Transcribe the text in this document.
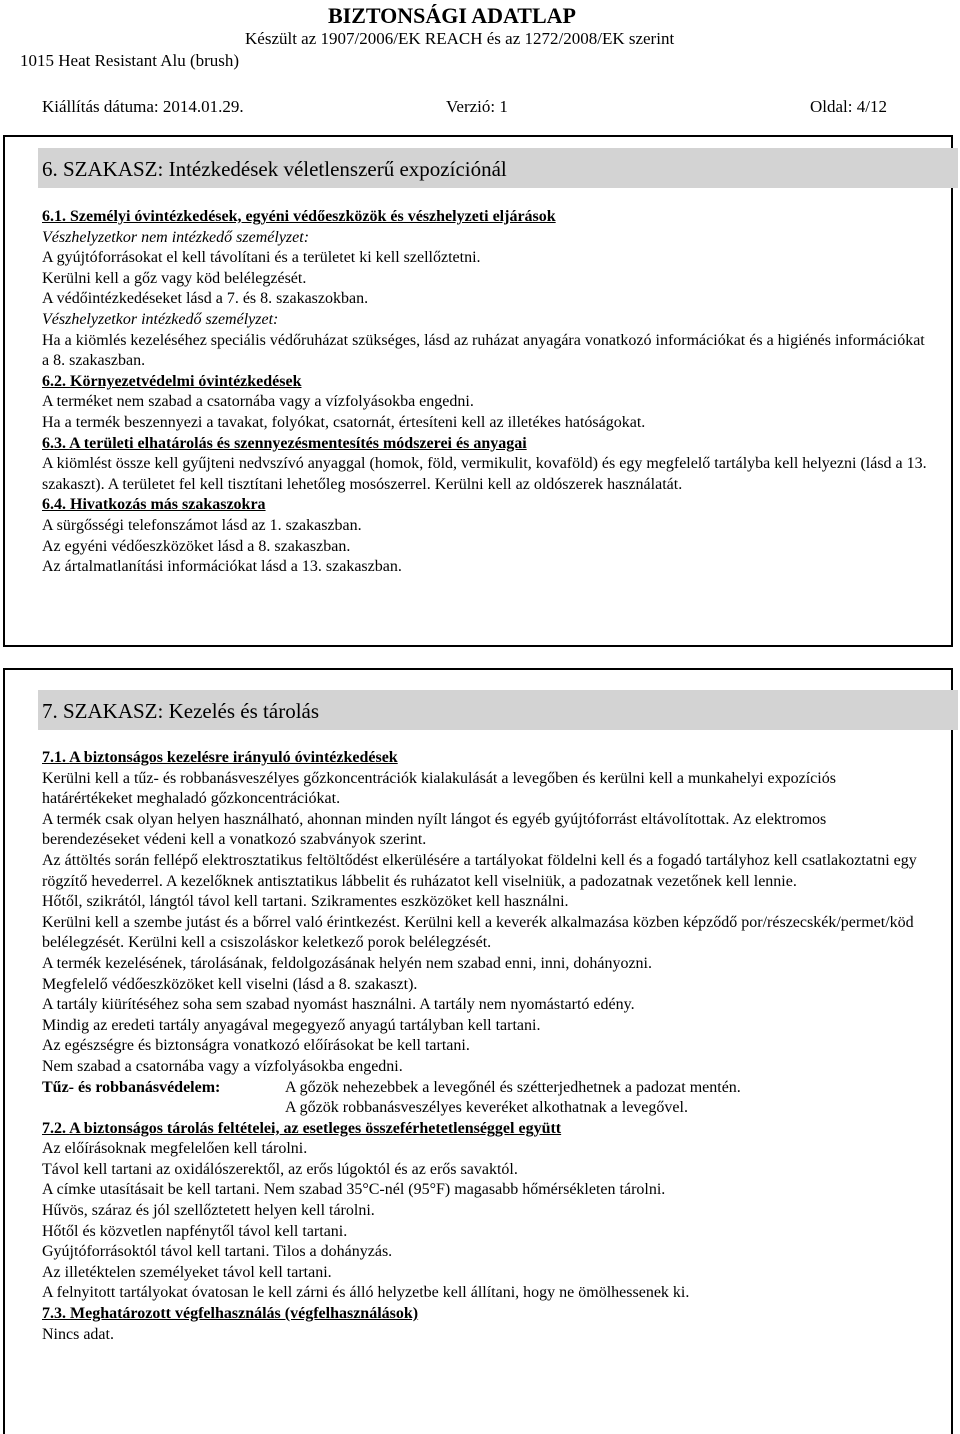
BIZTONSÁGI ADATLAP
Készült az 1907/2006/EK REACH és az 1272/2008/EK szerint
1015 Heat Resistant Alu (brush)
Kiállítás dátuma: 2014.01.29.	Verzió: 1	Oldal: 4/12
6. SZAKASZ: Intézkedések véletlenszerű expozíciónál
6.1. Személyi óvintézkedések, egyéni védőeszközök és vészhelyzeti eljárások
Vészhelyzetkor nem intézkedő személyzet:
A gyújtóforrásokat el kell távolítani és a területet ki kell szellőztetni.
Kerülni kell a gőz vagy köd belélegzését.
A védőintézkedéseket lásd a 7. és 8. szakaszokban.
Vészhelyzetkor intézkedő személyzet:
Ha a kiömlés kezeléséhez speciális védőruházat szükséges, lásd az ruházat anyagára vonatkozó információkat és a higiénés információkat a 8. szakaszban.
6.2. Környezetvédelmi óvintézkedések
A terméket nem szabad a csatornába vagy a vízfolyásokba engedni.
Ha a termék beszennyezi a tavakat, folyókat, csatornát, értesíteni kell az illetékes hatóságokat.
6.3. A területi elhatárolás és szennyezésmentesítés módszerei és anyagai
A kiömlést össze kell gyűjteni nedvszívó anyaggal (homok, föld, vermikulit, kovaföld) és egy megfelelő tartályba kell helyezni (lásd a 13. szakaszt). A területet fel kell tisztítani lehetőleg mosószerrel. Kerülni kell az oldószerek használatát.
6.4. Hivatkozás más szakaszokra
A sürgősségi telefonszámot lásd az 1. szakaszban.
Az egyéni védőeszközöket lásd a 8. szakaszban.
Az ártalmatlanítási információkat lásd a 13. szakaszban.
7. SZAKASZ: Kezelés és tárolás
7.1. A biztonságos kezelésre irányuló óvintézkedések
Kerülni kell a tűz- és robbanásveszélyes gőzkoncentrációk kialakulását a levegőben és kerülni kell a munkahelyi expozíciós határértékeket meghaladó gőzkoncentrációkat.
A termék csak olyan helyen használható, ahonnan minden nyílt lángot és egyéb gyújtóforrást eltávolítottak. Az elektromos berendezéseket védeni kell a vonatkozó szabványok szerint.
Az áttöltés során fellépő elektrosztatikus feltöltődést elkerülésére a tartályokat földelni kell és a fogadó tartályhoz kell csatlakoztatni egy rögzítő hevederrel. A kezelőknek antisztatikus lábbelit és ruházatot kell viselniük, a padozatnak vezetőnek kell lennie.
Hőtől, szikrától, lángtól távol kell tartani. Szikramentes eszközöket kell használni.
Kerülni kell a szembe jutást és a bőrrel való érintkezést. Kerülni kell a keverék alkalmazása közben képződő por/részecskék/permet/köd belélegzését. Kerülni kell a csiszoláskor keletkező porok belélegzését.
A termék kezelésének, tárolásának, feldolgozásának helyén nem szabad enni, inni, dohányozni.
Megfelelő védőeszközöket kell viselni (lásd a 8. szakaszt).
A tartály kiürítéséhez soha sem szabad nyomást használni. A tartály nem nyomástartó edény.
Mindig az eredeti tartály anyagával megegyező anyagú tartályban kell tartani.
Az egészségre és biztonságra vonatkozó előírásokat be kell tartani.
Nem szabad a csatornába vagy a vízfolyásokba engedni.
Tűz- és robbanásvédelem:	A gőzök nehezebbek a levegőnél és szétterjedhetnek a padozat mentén.
A gőzök robbanásveszélyes keveréket alkothatnak a levegővel.
7.2. A biztonságos tárolás feltételei, az esetleges összeférhetetlenséggel együtt
Az előírásoknak megfelelően kell tárolni.
Távol kell tartani az oxidálószerektől, az erős lúgoktól és az erős savaktól.
A címke utasításait be kell tartani. Nem szabad 35°C-nél (95°F) magasabb hőmérsékleten tárolni.
Hűvös, száraz és jól szellőztetett helyen kell tárolni.
Hőtől és közvetlen napfénytől távol kell tartani.
Gyújtóforrásoktól távol kell tartani. Tilos a dohányzás.
Az illetéktelen személyeket távol kell tartani.
A felnyitott tartályokat óvatosan le kell zárni és álló helyzetbe kell állítani, hogy ne ömölhessenek ki.
7.3. Meghatározott végfelhasználás (végfelhasználások)
Nincs adat.
